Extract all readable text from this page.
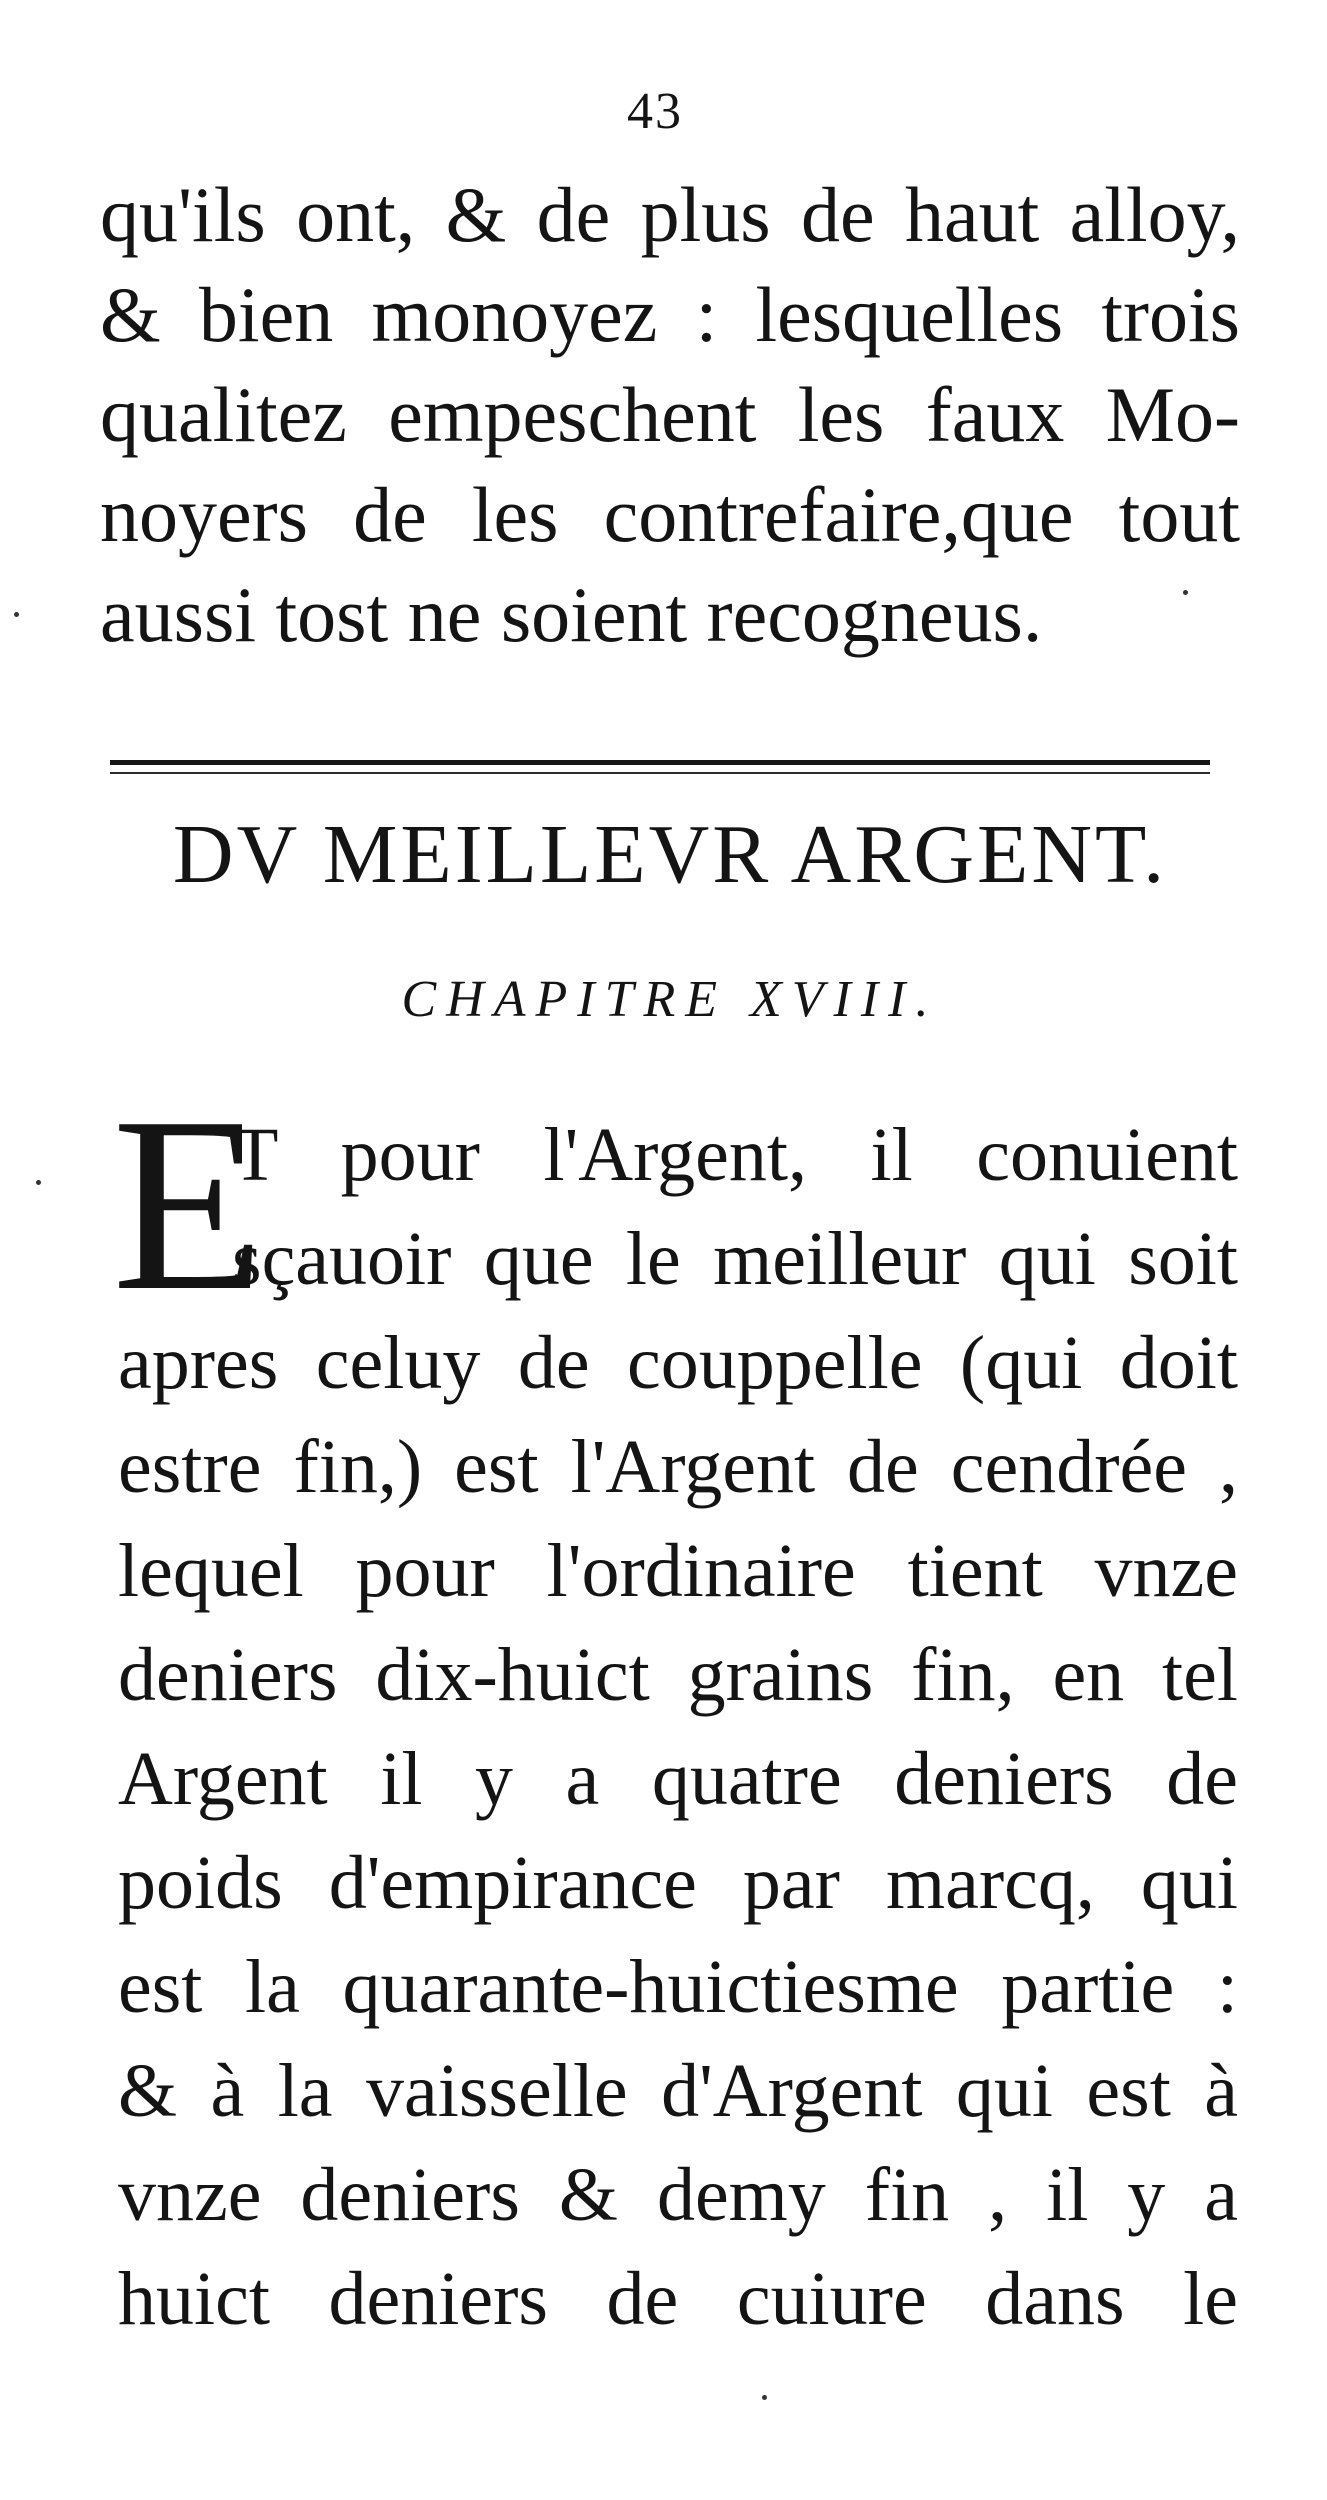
43
qu'ils ont, & de plus de haut alloy,
& bien monoyez : lesquelles trois
qualitez empeschent les faux Mo-
noyers de les contrefaire,que tout
aussi tost ne soient recogneus.
DV MEILLEVR ARGENT.
CHAPITRE XVIII.
E
T pour l'Argent, il conuient
sçauoir que le meilleur qui soit
apres celuy de couppelle (qui doit
estre fin,) est l'Argent de cendrée ,
lequel pour l'ordinaire tient vnze
deniers dix-huict grains fin, en tel
Argent il y a quatre deniers de
poids d'empirance par marcq, qui
est la quarante-huictiesme partie :
& à la vaisselle d'Argent qui est à
vnze deniers & demy fin , il y a
huict deniers de cuiure dans le
